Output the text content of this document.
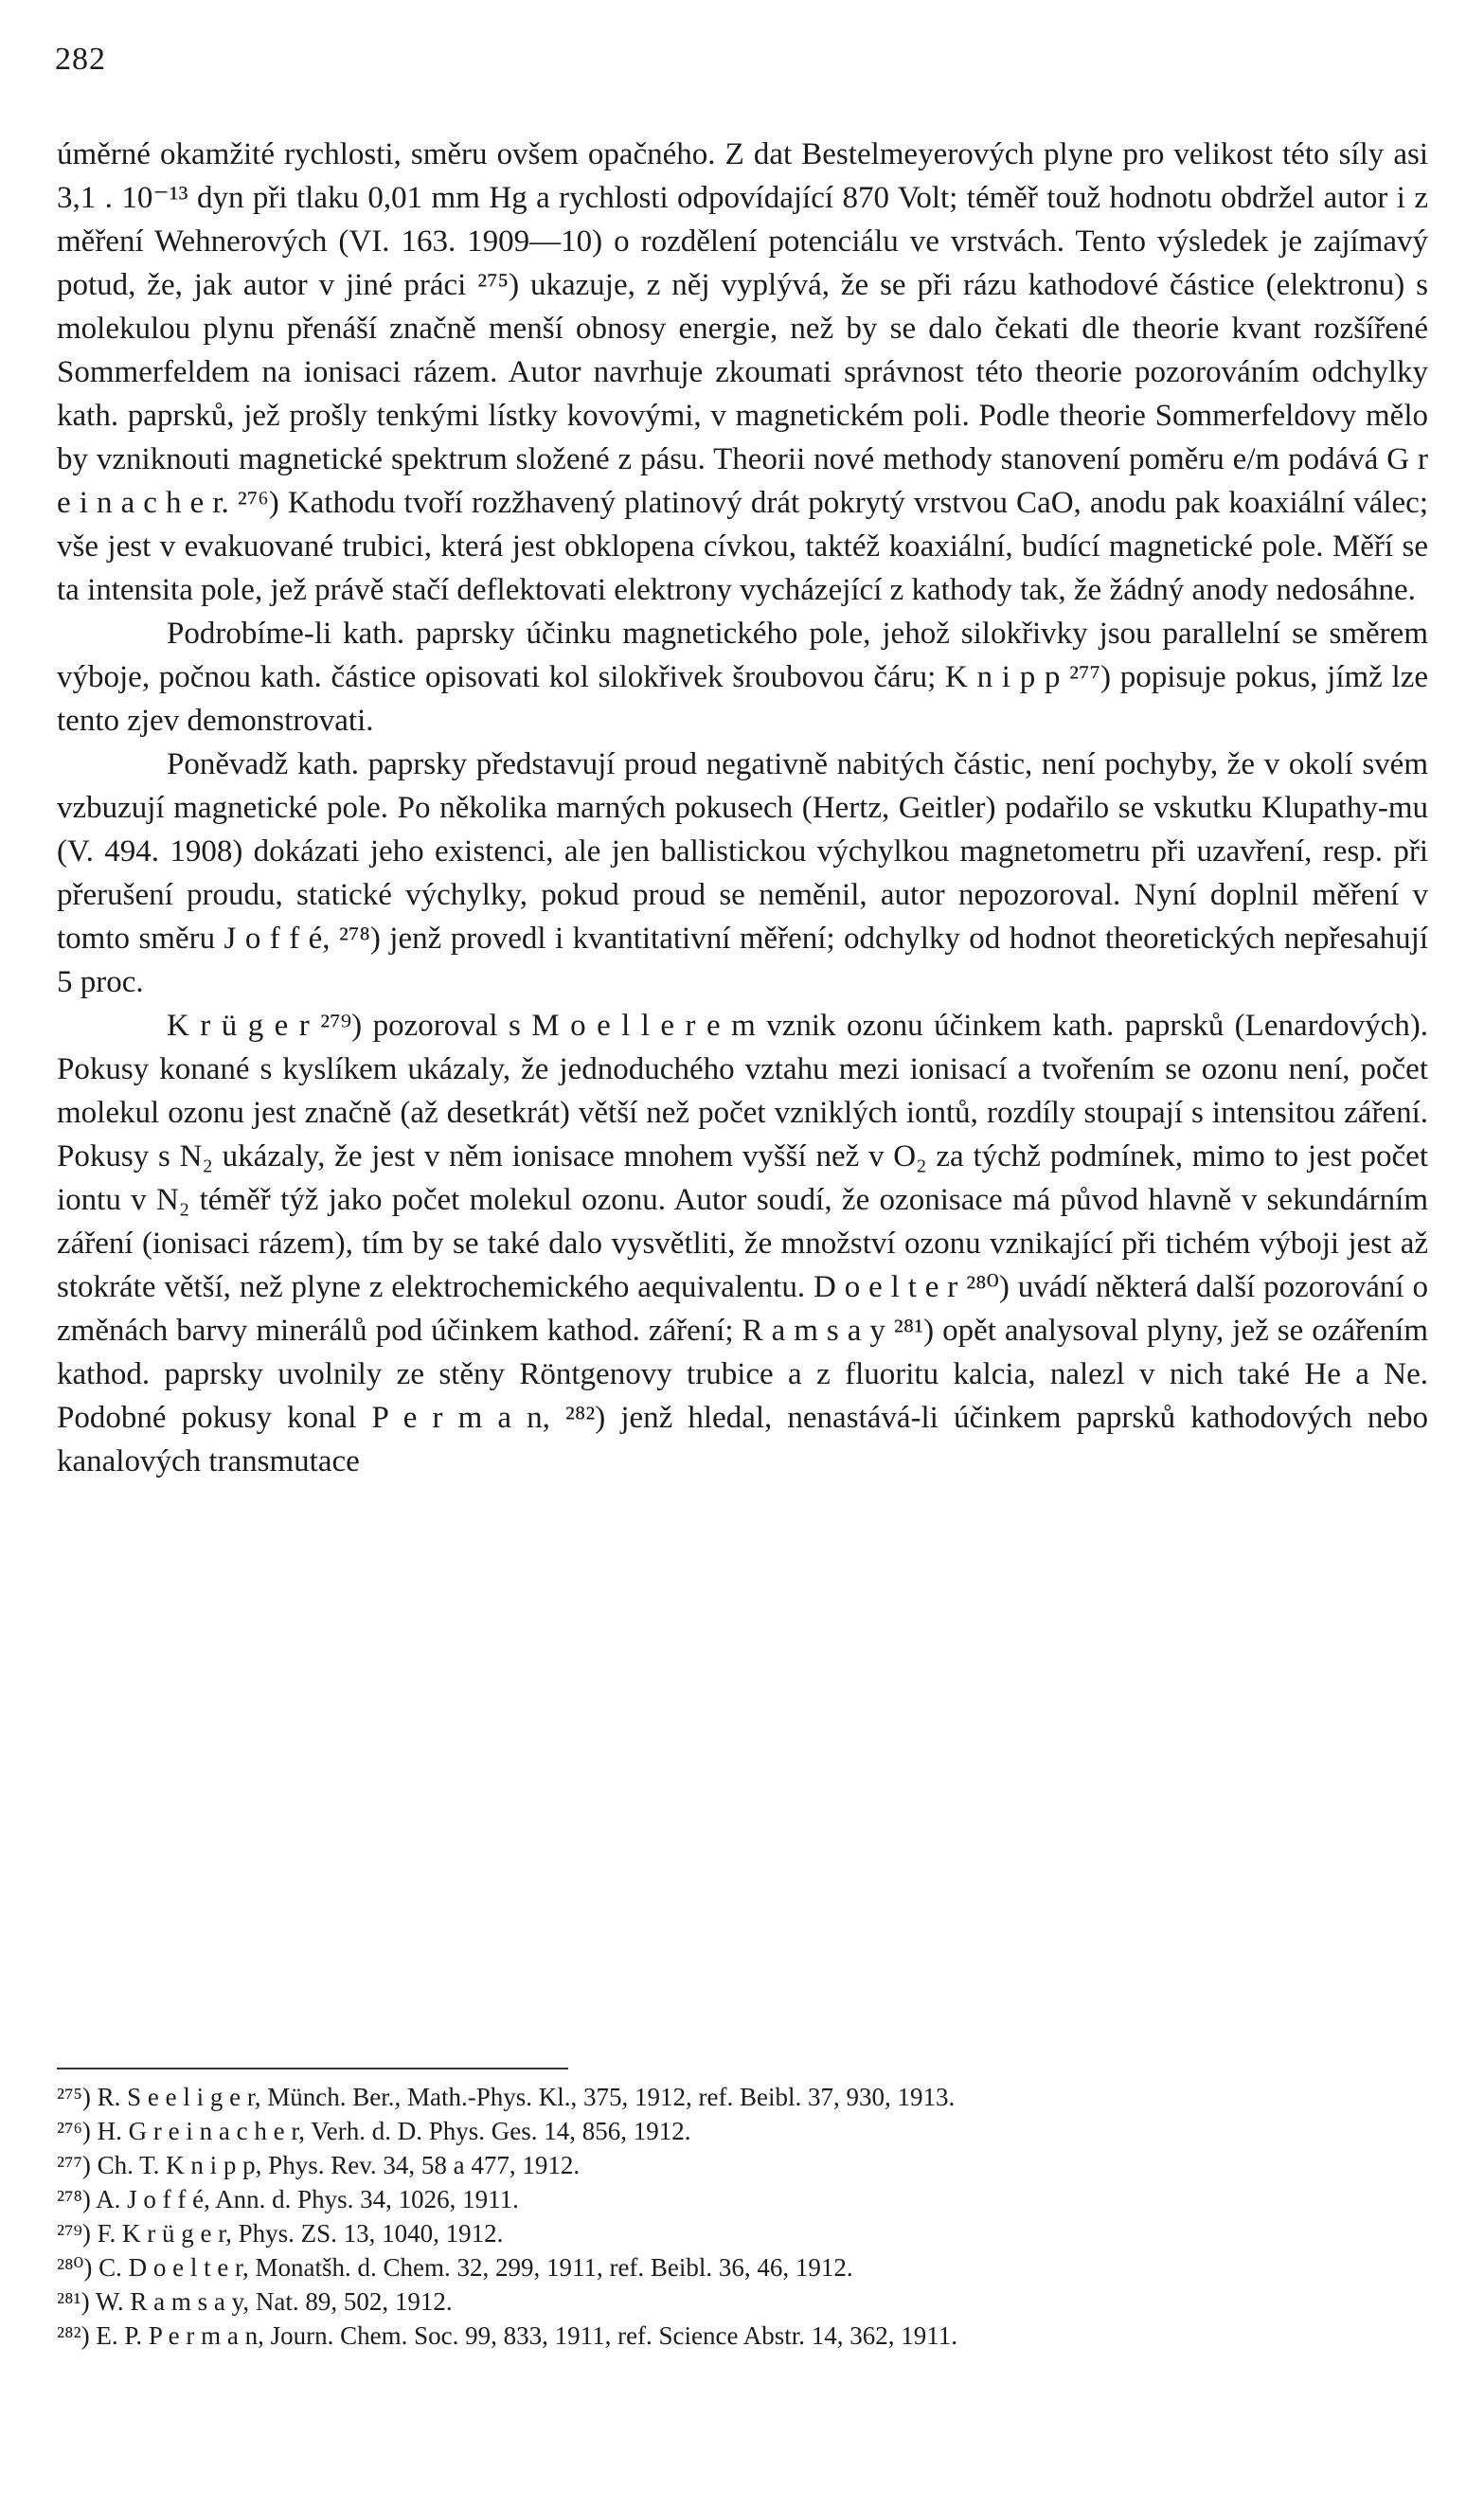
282

úměrné okamžité rychlosti, směru ovšem opačného. Z dat Bestelmeyerových plyne pro velikost této síly asi 3,1 . 10⁻¹³ dyn při tlaku 0,01 mm Hg a rychlosti odpovídající 870 Volt; téměř touž hodnotu obdržel autor i z měření Wehnerových (VI. 163. 1909—10) o rozdělení potenciálu ve vrstvách. Tento výsledek je zajímavý potud, že, jak autor v jiné práci ²⁷⁵) ukazuje, z něj vyplývá, že se při rázu kathodové částice (elektronu) s molekulou plynu přenáší značně menší obnosy energie, než by se dalo čekati dle theorie kvant rozšířené Sommerfeldem na ionisaci rázem. Autor navrhuje zkoumati správnost této theorie pozorováním odchylky kath. paprsků, jež prošly tenkými lístky kovovými, v magnetickém poli. Podle theorie Sommerfeldovy mělo by vzniknouti magnetické spektrum složené z pásu. Theorii nové methody stanovení poměru e/m podává G r e i n a c h e r. ²⁷⁶) Kathodu tvoří rozžhavený platinový drát pokrytý vrstvou CaO, anodu pak koaxiální válec; vše jest v evakuované trubici, která jest obklopena cívkou, taktéž koaxiální, budící magnetické pole. Měří se ta intensita pole, jež právě stačí deflektovati elektrony vycházející z kathody tak, že žádný anody nedosáhne.

Podrobíme-li kath. paprsky účinku magnetického pole, jehož silokřivky jsou parallelní se směrem výboje, počnou kath. částice opisovati kol silokřivek šroubovou čáru; K n i p p ²⁷⁷) popisuje pokus, jímž lze tento zjev demonstrovati.

Poněvadž kath. paprsky představují proud negativně nabitých částic, není pochyby, že v okolí svém vzbuzují magnetické pole. Po několika marných pokusech (Hertz, Geitler) podařilo se vskutku Klupathy-mu (V. 494. 1908) dokázati jeho existenci, ale jen ballistickou výchylkou magnetometru při uzavření, resp. při přerušení proudu, statické výchylky, pokud proud se neměnil, autor nepozoroval. Nyní doplnil měření v tomto směru J o f f é, ²⁷⁸) jenž provedl i kvantitativní měření; odchylky od hodnot theoretických nepřesahují 5 proc.

K r ü g e r ²⁷⁹) pozoroval s M o e l l e r e m vznik ozonu účinkem kath. paprsků (Lenardových). Pokusy konané s kyslíkem ukázaly, že jednoduchého vztahu mezi ionisací a tvořením se ozonu není, počet molekul ozonu jest značně (až desetkrát) větší než počet vzniklých iontů, rozdíly stoupají s intensitou záření. Pokusy s N₂ ukázaly, že jest v něm ionisace mnohem vyšší než v O₂ za týchž podmínek, mimo to jest počet iontu v N₂ téměř týž jako počet molekul ozonu. Autor soudí, že ozonisace má původ hlavně v sekundárním záření (ionisaci rázem), tím by se také dalo vysvětliti, že množství ozonu vznikající při tichém výboji jest až stokráte větší, než plyne z elektrochemického aequivalentu. D o e l t e r ²⁸⁰) uvádí některá další pozorování o změnách barvy minerálů pod účinkem kathod. záření; R a m s a y ²⁸¹) opět analysoval plyny, jež se ozářením kathod. paprsky uvolnily ze stěny Röntgenovy trubice a z fluoritu kalcia, nalezl v nich také He a Ne. Podobné pokusy konal P e r m a n, ²⁸²) jenž hledal, nenastává-li účinkem paprsků kathodových nebo kanalových transmutace

²⁷⁵) R. S e e l i g e r, Münch. Ber., Math.-Phys. Kl., 375, 1912, ref. Beibl. 37, 930, 1913.

²⁷⁶) H. G r e i n a c h e r, Verh. d. D. Phys. Ges. 14, 856, 1912.

²⁷⁷) Ch. T. K n i p p, Phys. Rev. 34, 58 a 477, 1912.

²⁷⁸) A. J o f f é, Ann. d. Phys. 34, 1026, 1911.

²⁷⁹) F. K r ü g e r, Phys. ZS. 13, 1040, 1912.

²⁸⁰) C. D o e l t e r, Monatšh. d. Chem. 32, 299, 1911, ref. Beibl. 36, 46, 1912.

²⁸¹) W. R a m s a y, Nat. 89, 502, 1912.

²⁸²) E. P. P e r m a n, Journ. Chem. Soc. 99, 833, 1911, ref. Science Abstr. 14, 362, 1911.
